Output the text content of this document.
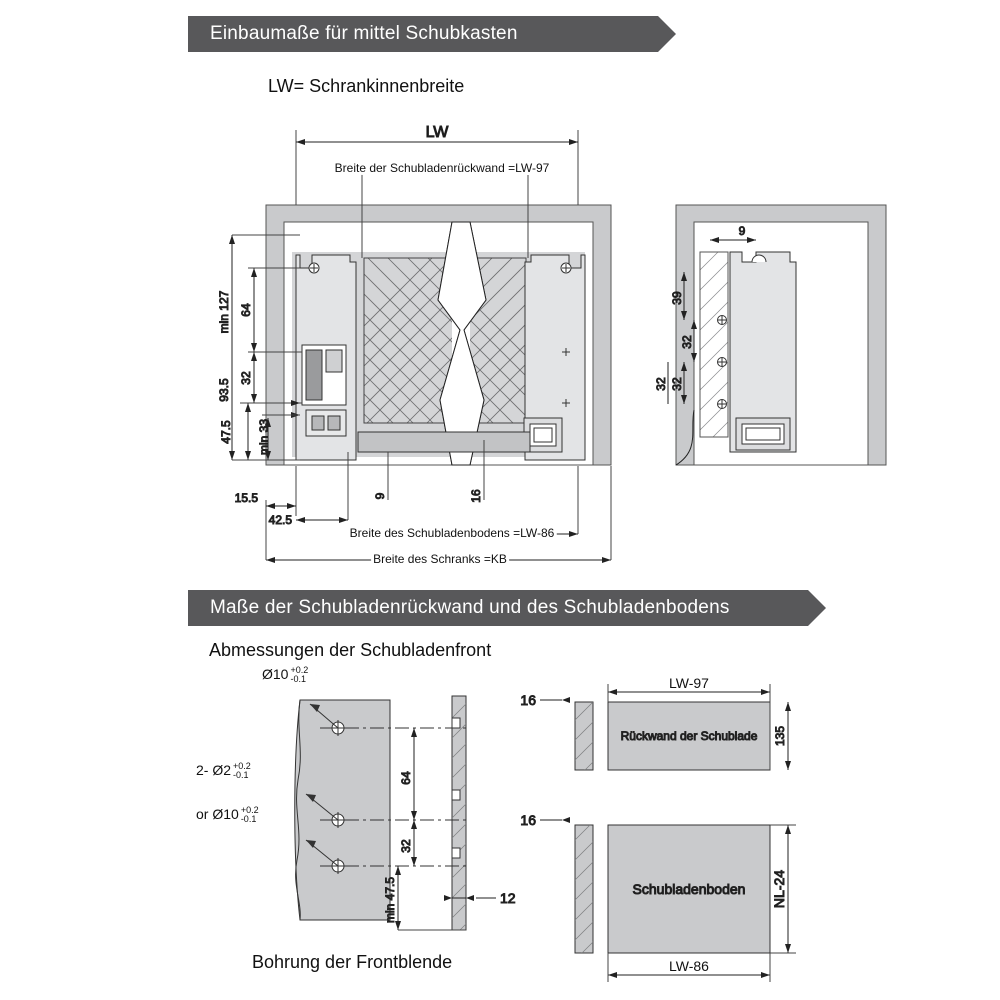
Einbaumaße für mittel Schubkasten
LW= Schrankinnenbreite
LW
Breite der Schubladenrückwand =LW-97
min 127 64
32
93.5
47.5 min 33
15.5
42.5
9	16
Breite des Schubladenbodens =LW-86
Breite des Schranks =KB
9
39
32
32
32
Maße der Schubladenrückwand und des Schubladenbodens
Abmessungen der Schubladenfront
64
32
min 47.5	12
Rückwand der Schublade
LW-97
135
16
Schubladenboden
16
NL-24
LW-86
Ø10 +0.2
-0.1
2- Ø2 +0.2
-0.1
or Ø10 +0.2
-0.1
Bohrung der Frontblende
